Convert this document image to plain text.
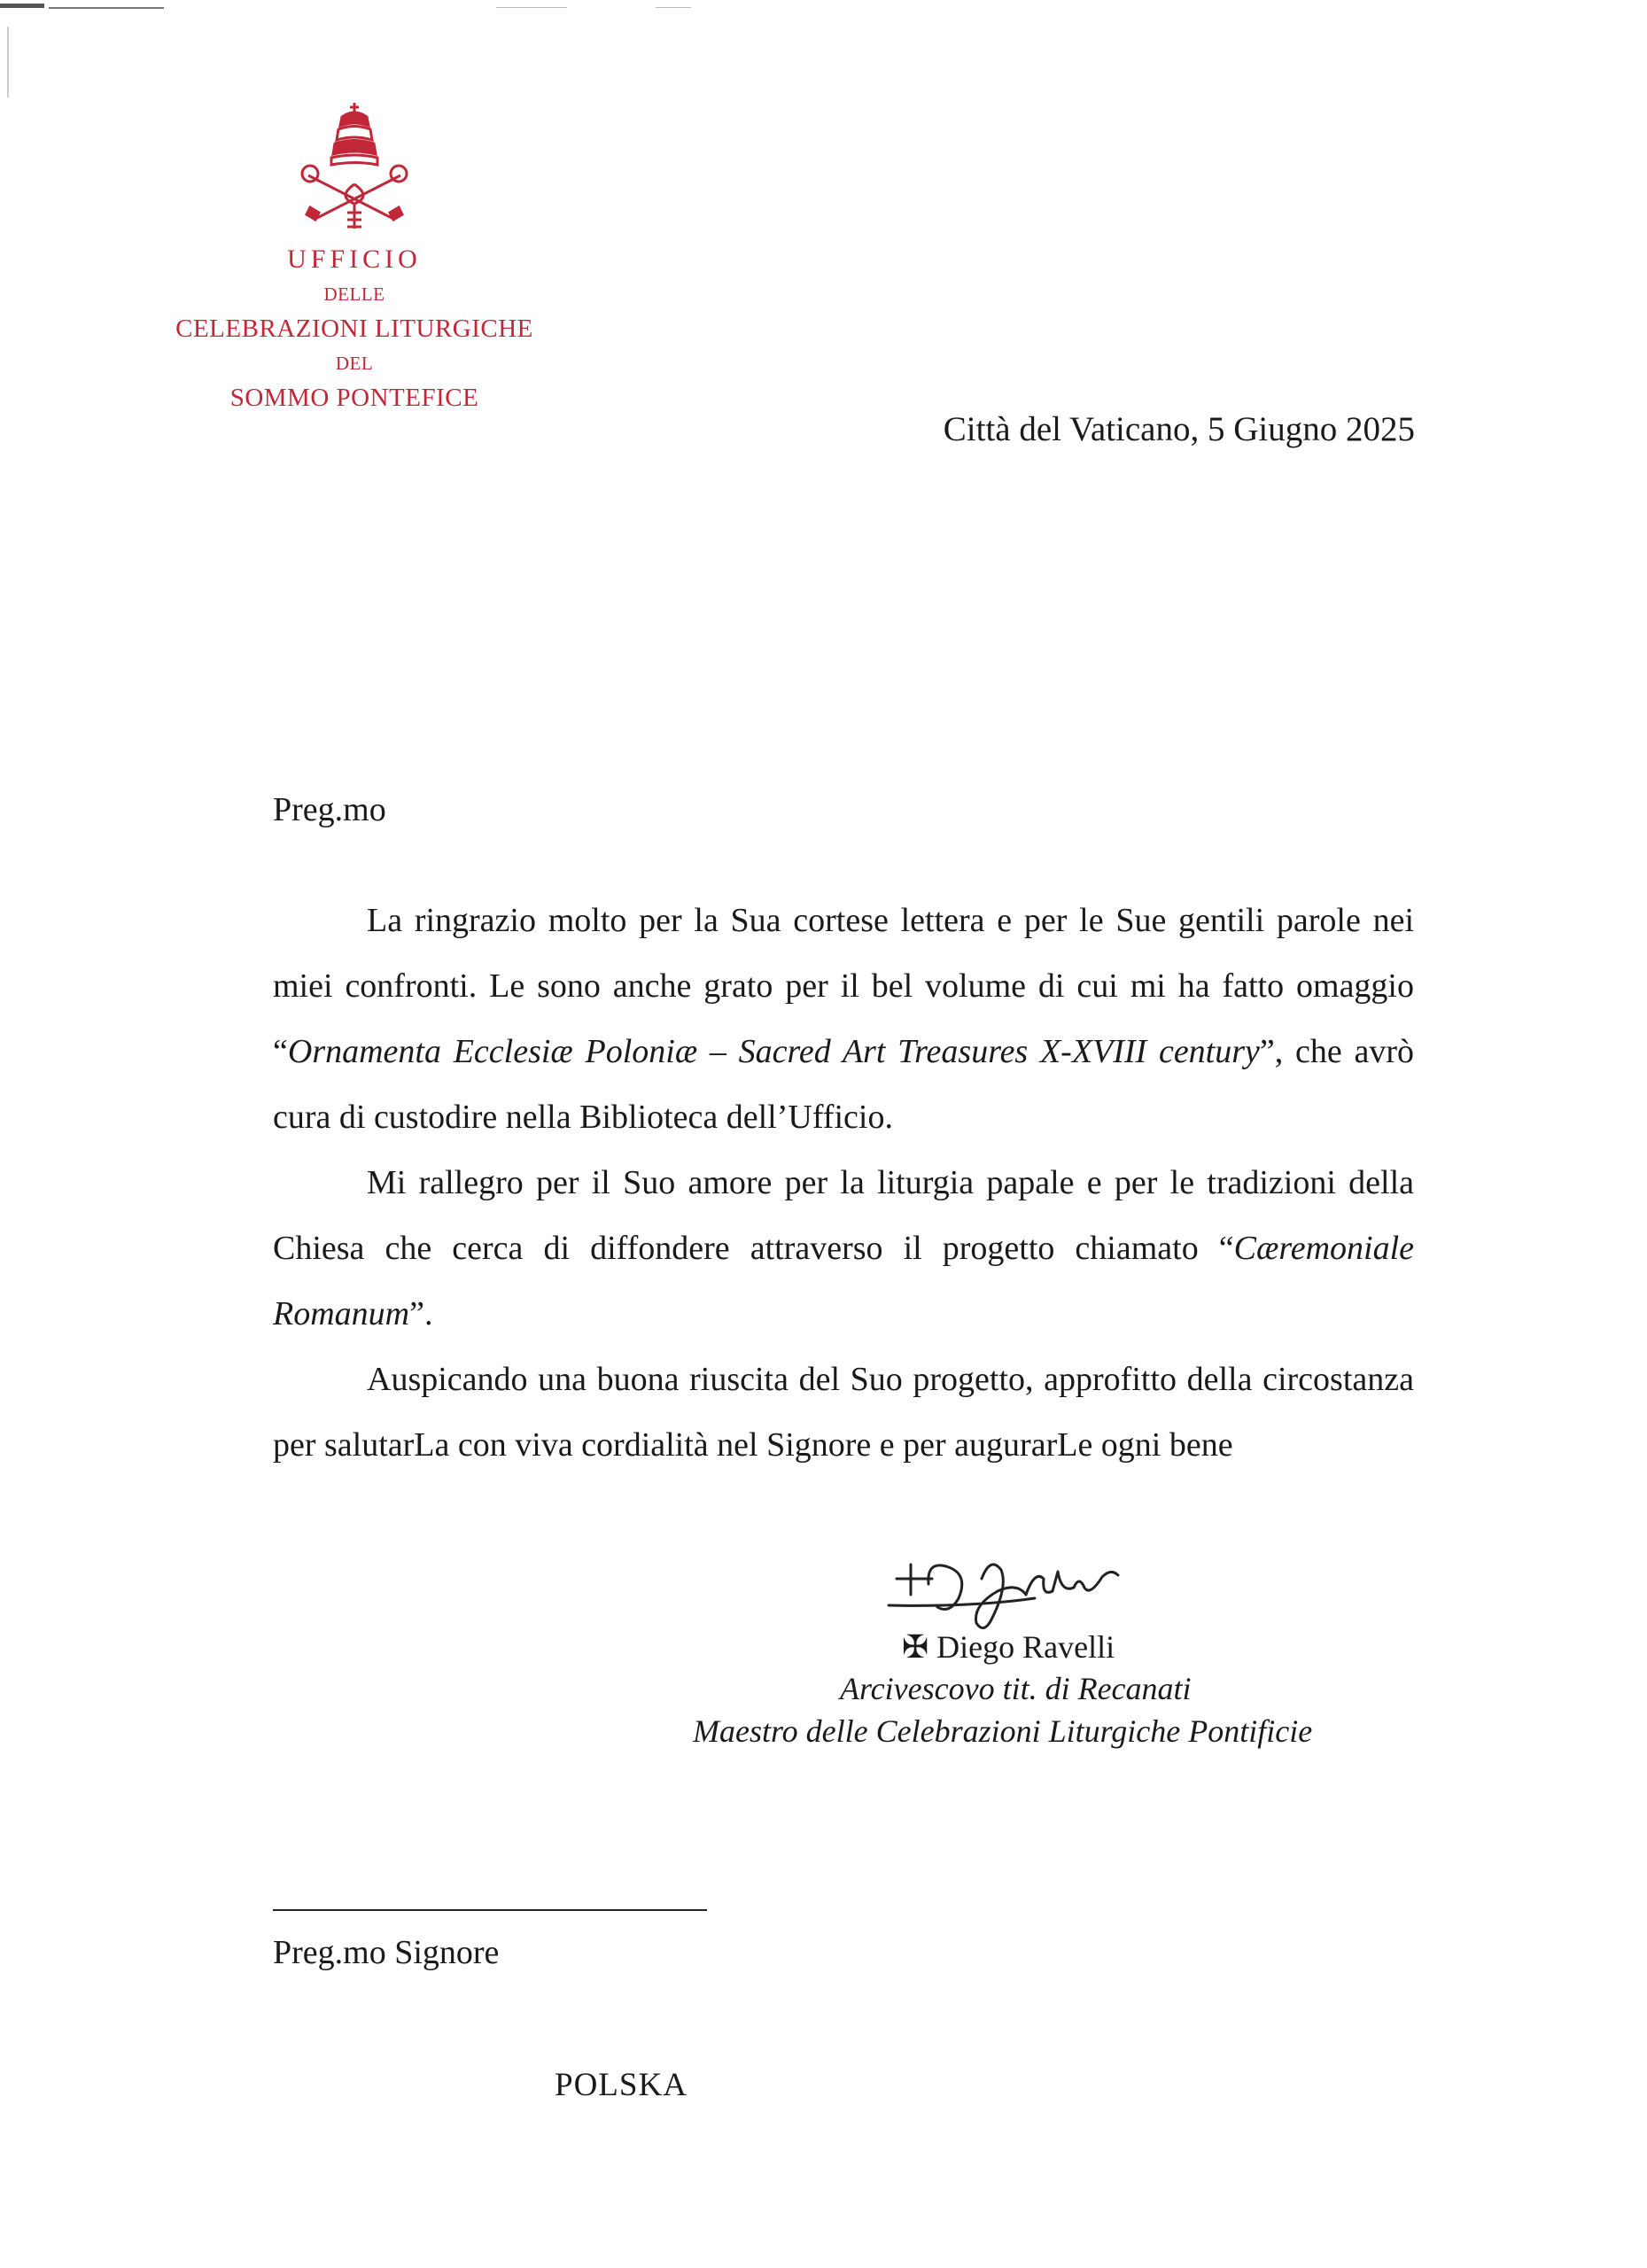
UFFICIO
DELLE
CELEBRAZIONI LITURGICHE
DEL
SOMMO PONTEFICE
Città del Vaticano, 5 Giugno 2025
Preg.mo

La ringrazio molto per la Sua cortese lettera e per le Sue gentili parole nei miei confronti. Le sono anche grato per il bel volume di cui mi ha fatto omaggio “Ornamenta Ecclesiæ Poloniæ – Sacred Art Treasures X-XVIII century”, che avrò cura di custodire nella Biblioteca dell’Ufficio.

Mi rallegro per il Suo amore per la liturgia papale e per le tradizioni della Chiesa che cerca di diffondere attraverso il progetto chiamato “Cæremoniale Romanum”.

Auspicando una buona riuscita del Suo progetto, approfitto della circostanza per salutarLa con viva cordialità nel Signore e per augurarLe ogni bene

✠ Diego Ravelli
Arcivescovo tit. di Recanati
Maestro delle Celebrazioni Liturgiche Pontificie
Preg.mo Signore
POLSKA
